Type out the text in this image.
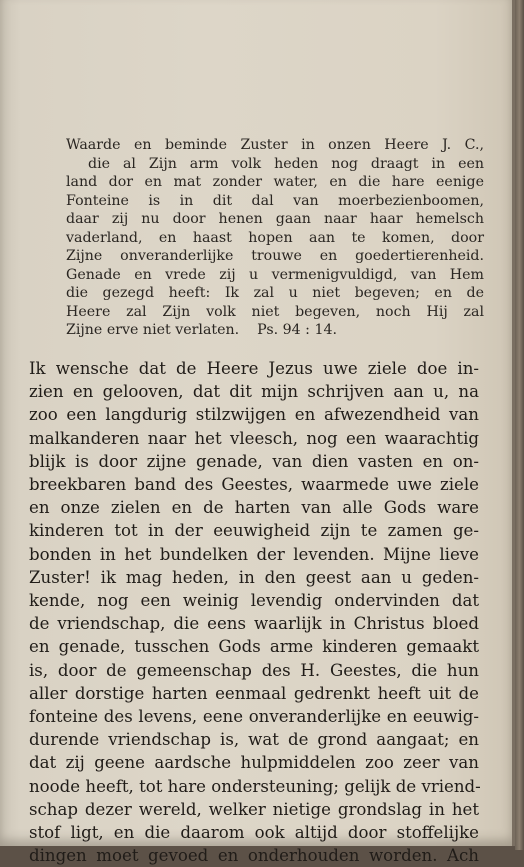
Waarde en beminde Zuster in onzen Heere J. C.,
die al Zijn arm volk heden nog draagt in een
land dor en mat zonder water, en die hare eenige
Fonteine is in dit dal van moerbezienboomen,
daar zij nu door henen gaan naar haar hemelsch
vaderland, en haast hopen aan te komen, door
Zijne onveranderlijke trouwe en goedertierenheid.
Genade en vrede zij u vermenigvuldigd, van Hem
die gezegd heeft: Ik zal u niet begeven; en de
Heere zal Zijn volk niet begeven, noch Hij zal
Zijne erve niet verlaten. Ps. 94 : 14.
Ik wensche dat de Heere Jezus uwe ziele doe in-
zien en gelooven, dat dit mijn schrijven aan u, na
zoo een langdurig stilzwijgen en afwezendheid van
malkanderen naar het vleesch, nog een waarachtig
blijk is door zijne genade, van dien vasten en on-
breekbaren band des Geestes, waarmede uwe ziele
en onze zielen en de harten van alle Gods ware
kinderen tot in der eeuwigheid zijn te zamen ge-
bonden in het bundelken der levenden. Mijne lieve
Zuster! ik mag heden, in den geest aan u geden-
kende, nog een weinig levendig ondervinden dat
de vriendschap, die eens waarlijk in Christus bloed
en genade, tusschen Gods arme kinderen gemaakt
is, door de gemeenschap des H. Geestes, die hun
aller dorstige harten eenmaal gedrenkt heeft uit de
fonteine des levens, eene onveranderlijke en eeuwig-
durende vriendschap is, wat de grond aangaat; en
dat zij geene aardsche hulpmiddelen zoo zeer van
noode heeft, tot hare ondersteuning; gelijk de vriend-
schap dezer wereld, welker nietige grondslag in het
stof ligt, en die daarom ook altijd door stoffelijke
dingen moet gevoed en onderhouden worden. Ach
